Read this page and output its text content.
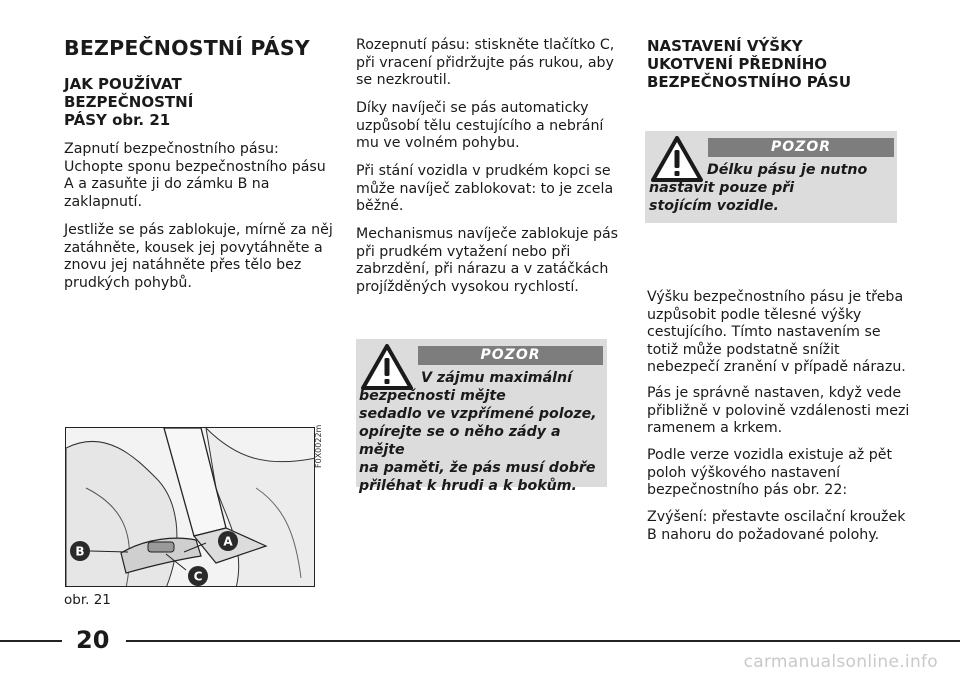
BEZPEČNOSTNÍ PÁSY
JAK POUŽÍVAT
BEZPEČNOSTNÍ
PÁSY obr. 21

Zapnutí bezpečnostního pásu:
Uchopte sponu bezpečnostního pásu
A a zasuňte ji do zámku B na
zaklapnutí.

Jestliže se pás zablokuje, mírně za něj
zatáhněte, kousek jej povytáhněte a
znovu jej natáhněte přes tělo bez
prudkých pohybů.

B
A
C
F0X0022m
obr. 21

Rozepnutí pásu: stiskněte tlačítko C,
při vracení přidržujte pás rukou, aby
se nezkroutil.

Díky navíječi se pás automaticky
uzpůsobí tělu cestujícího a nebrání
mu ve volném pohybu.

Při stání vozidla v prudkém kopci se
může navíječ zablokovat: to je zcela
běžné.

Mechanismus navíječe zablokuje pás
při prudkém vytažení nebo při
zabrzdění, při nárazu a v zatáčkách
projížděných vysokou rychlostí.

POZOR

V zájmu maximální
bezpečnosti mějte
sedadlo ve vzpřímené poloze,
opírejte se o něho zády a mějte
na paměti, že pás musí dobře
přiléhat k hrudi a k bokům.

NASTAVENÍ VÝŠKY
UKOTVENÍ PŘEDNÍHO
BEZPEČNOSTNÍHO PÁSU
POZOR

Délku pásu je nutno
nastavit pouze při
stojícím vozidle.

Výšku bezpečnostního pásu je třeba
uzpůsobit podle tělesné výšky
cestujícího. Tímto nastavením se
totiž může podstatně snížit
nebezpečí zranění v případě nárazu.

Pás je správně nastaven, když vede
přibližně v polovině vzdálenosti mezi
ramenem a krkem.

Podle verze vozidla existuje až pět
poloh výškového nastavení
bezpečnostního pás obr. 22:

Zvýšení: přestavte oscilační kroužek
B nahoru do požadované polohy.

20
carmanualsonline.info
